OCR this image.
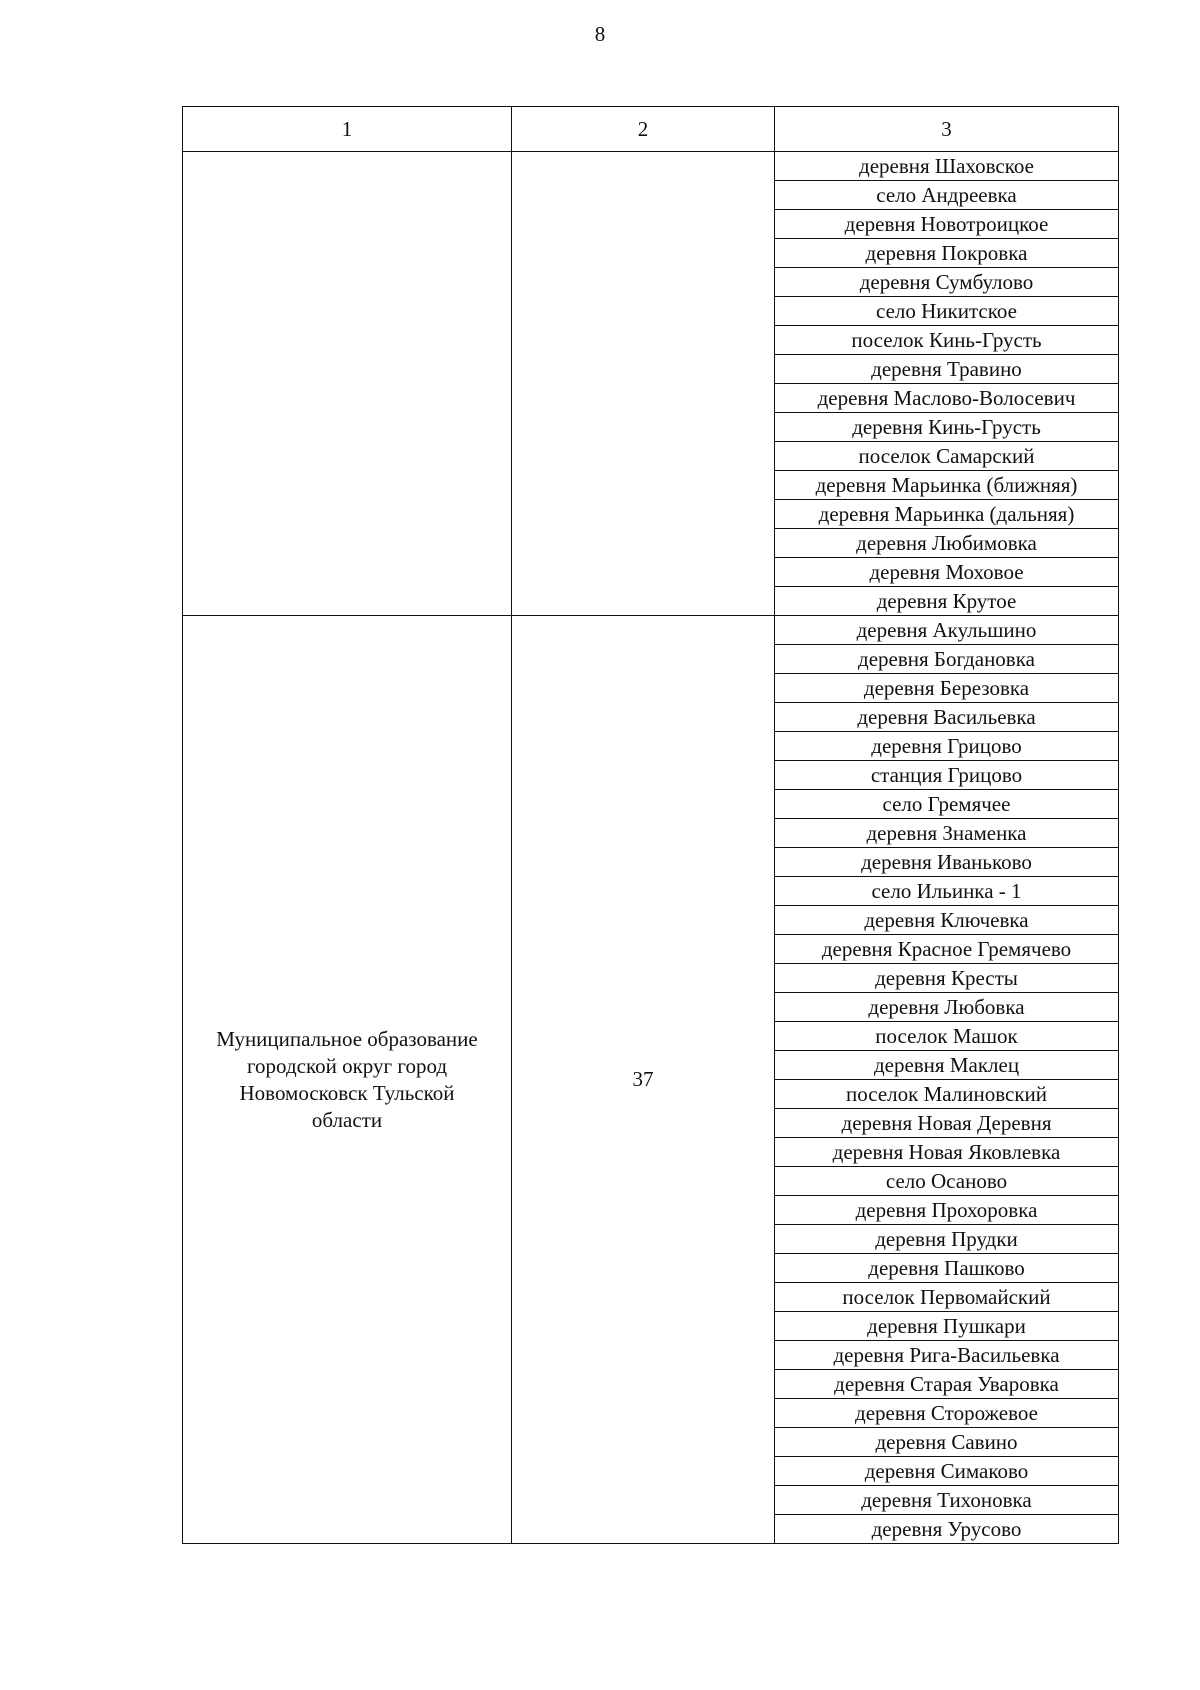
8
1	2	3
		деревня Шаховское
		село Андреевка
		деревня Новотроицкое
		деревня Покровка
		деревня Сумбулово
		село Никитское
		поселок Кинь-Грусть
		деревня Травино
		деревня Маслово-Волосевич
		деревня Кинь-Грусть
		поселок Самарский
		деревня Марьинка (ближняя)
		деревня Марьинка (дальняя)
		деревня Любимовка
		деревня Моховое
		деревня Крутое

Муниципальное образование
городской округ город
Новомосковск Тульской
области	37	деревня Акульшино
		деревня Богдановка
		деревня Березовка
		деревня Васильевка
		деревня Грицово
		станция Грицово
		село Гремячее
		деревня Знаменка
		деревня Иваньково
		село Ильинка - 1
		деревня Ключевка
		деревня Красное Гремячево
		деревня Кресты
		деревня Любовка
		поселок Машок
		деревня Маклец
		поселок Малиновский
		деревня Новая Деревня
		деревня Новая Яковлевка
		село Осаново
		деревня Прохоровка
		деревня Прудки
		деревня Пашково
		поселок Первомайский
		деревня Пушкари
		деревня Рига-Васильевка
		деревня Старая Уваровка
		деревня Сторожевое
		деревня Савино
		деревня Симаково
		деревня Тихоновка
		деревня Урусово
